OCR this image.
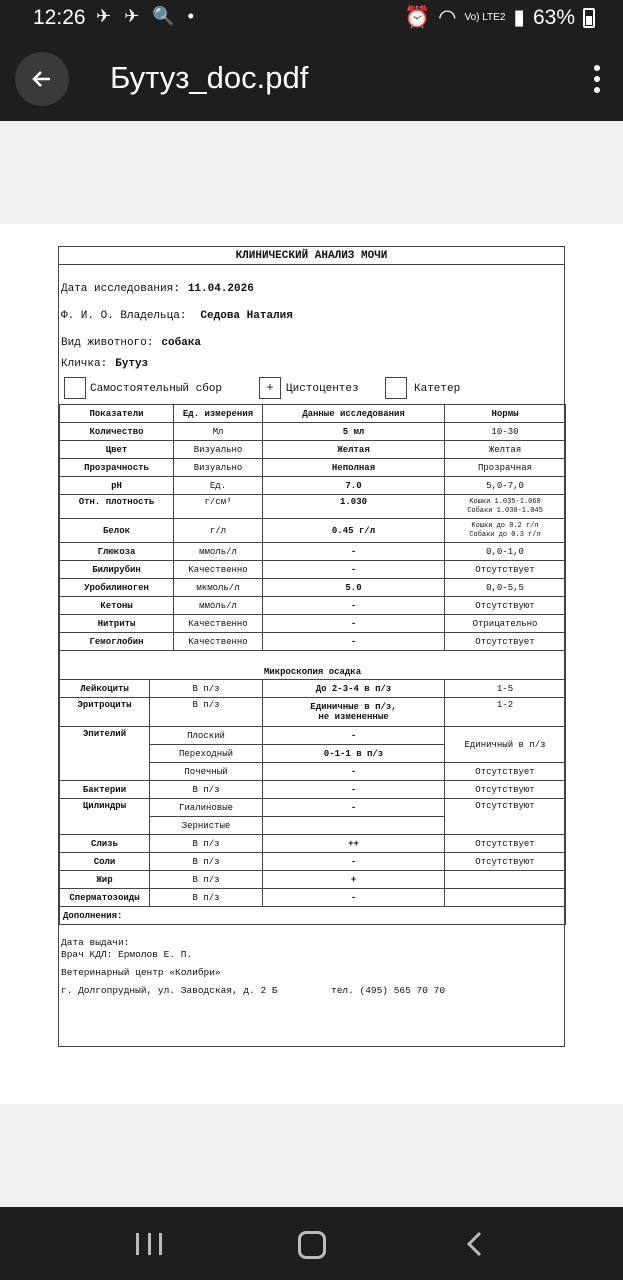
12:26 ✈ ✈ 🔍 •	⏰ ◠ Vo) LTE2 ▮ 63%
Бутуз_doc.pdf
КЛИНИЧЕСКИЙ АНАЛИЗ МОЧИ
Дата исследования: 11.04.2026
Ф. И. О. Владельца: Седова Наталия
Вид животного: собака
Кличка: Бутуз
Самостоятельный сбор	+	Цистоцентез	Катетер
Показатели		Ед. измерения	Данные исследования	Нормы
Количество		Мл	5 мл	10-30
Цвет		Визуально	Желтая	Желтая
Прозрачность		Визуально	Неполная	Прозрачная
pH		Ед.	7.0	5,0-7,0
Отн. плотность		г/см³	1.030	Кошки 1.035-1.060
Собаки 1.030-1.045

Белок		г/л	0.45 г/л	Кошки до 0.2 г/л
Собаки до 0.3 г/л

Глюкоза		ммоль/л	-	0,0-1,0
Билирубин		Качественно	-	Отсутствует
Уробилиноген		мкмоль/л	5.0	0,0-5,5
Кетоны		ммоль/л	-	Отсутствуют
Нитриты		Качественно	-	Отрицательно
Гемоглобин		Качественно	-	Отсутствует
Микроскопия осадка				
Лейкоциты	В п/з		До 2-3-4 в п/з	1-5
Эритроциты	В п/з		Единичные в п/з,
не измененные	1-2
Эпителий	Плоский		-	Единичный в п/з
	Переходный		0-1-1 в п/з	
	Почечный		-	Отсутствует
Бактерии	В п/з		-	Отсутствуют
Цилиндры	Гиалиновые		-	Отсутствуют
	Зернистые			
Слизь	В п/з		++	Отсутствует
Соли	В п/з		-	Отсутствуют
Жир	В п/з		+	
Сперматозоиды	В п/з		-	
Дополнения:				
Дата выдачи:
Врач КДЛ: Ермолов Е. П.
Ветеринарный центр «Колибри»
г. Долгопрудный, ул. Заводская, д. 2 Б	тел. (495) 565 70 70
